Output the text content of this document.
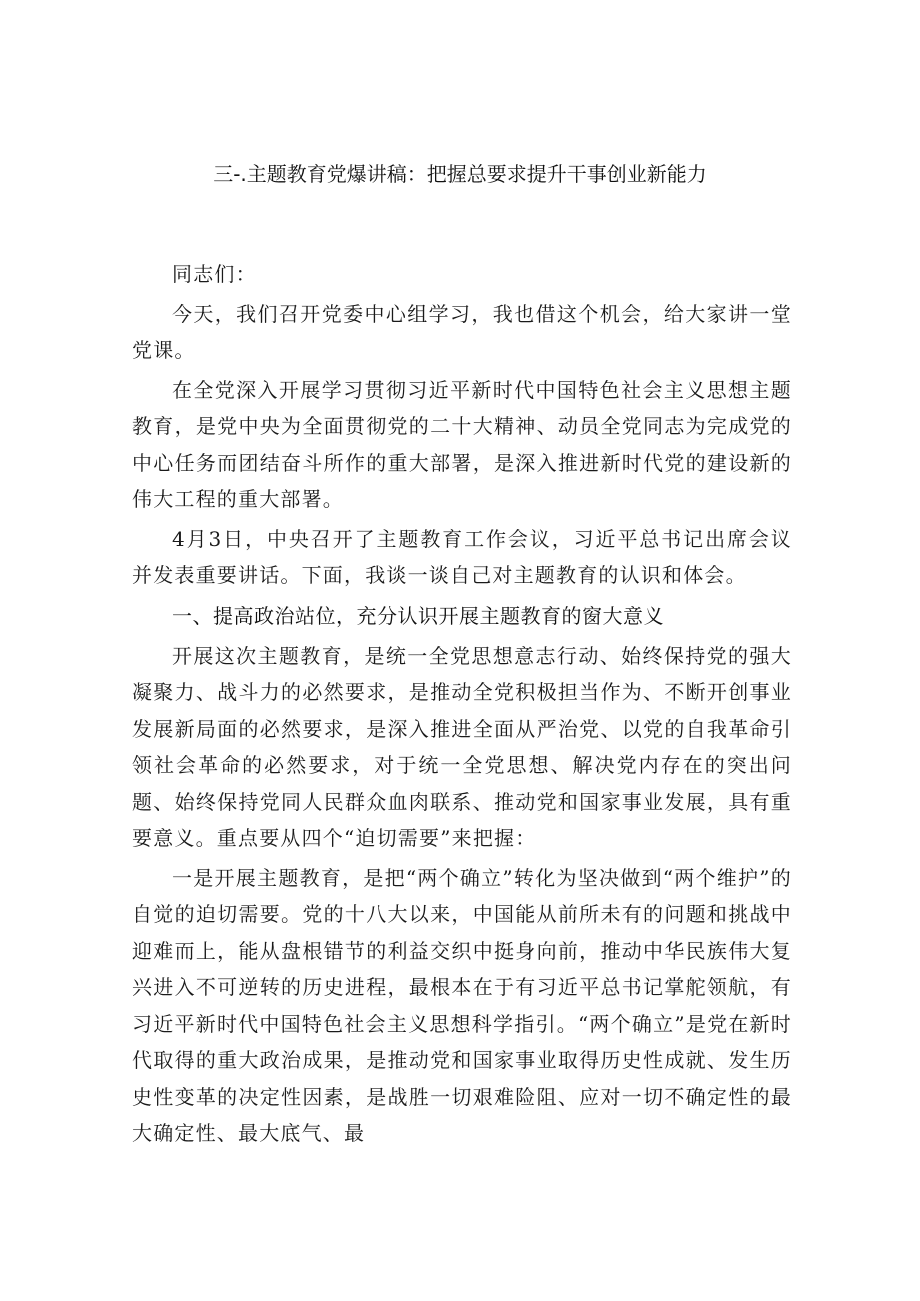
三-.主题教育党爆讲稿：把握总要求提升干事创业新能力

同志们：

今天，我们召开党委中心组学习，我也借这个机会，给大家讲一堂党课。

在全党深入开展学习贯彻习近平新时代中国特色社会主义思想主题教育，是党中央为全面贯彻党的二十大精神、动员全党同志为完成党的中心任务而团结奋斗所作的重大部署，是深入推进新时代党的建设新的伟大工程的重大部署。

4月3日，中央召开了主题教育工作会议，习近平总书记出席会议并发表重要讲话。下面，我谈一谈自己对主题教育的认识和体会。

一、提高政治站位，充分认识开展主题教育的窗大意义

开展这次主题教育，是统一全党思想意志行动、始终保持党的强大凝聚力、战斗力的必然要求，是推动全党积极担当作为、不断开创事业发展新局面的必然要求，是深入推进全面从严治党、以党的自我革命引领社会革命的必然要求，对于统一全党思想、解决党内存在的突出问题、始终保持党同人民群众血肉联系、推动党和国家事业发展，具有重要意义。重点要从四个“迫切需要”来把握：

一是开展主题教育，是把“两个确立”转化为坚决做到“两个维护”的自觉的迫切需要。党的十八大以来，中国能从前所未有的问题和挑战中迎难而上，能从盘根错节的利益交织中挺身向前，推动中华民族伟大复兴进入不可逆转的历史进程，最根本在于有习近平总书记掌舵领航，有习近平新时代中国特色社会主义思想科学指引。“两个确立”是党在新时代取得的重大政治成果，是推动党和国家事业取得历史性成就、发生历史性变革的决定性因素，是战胜一切艰难险阻、应对一切不确定性的最大确定性、最大底气、最
